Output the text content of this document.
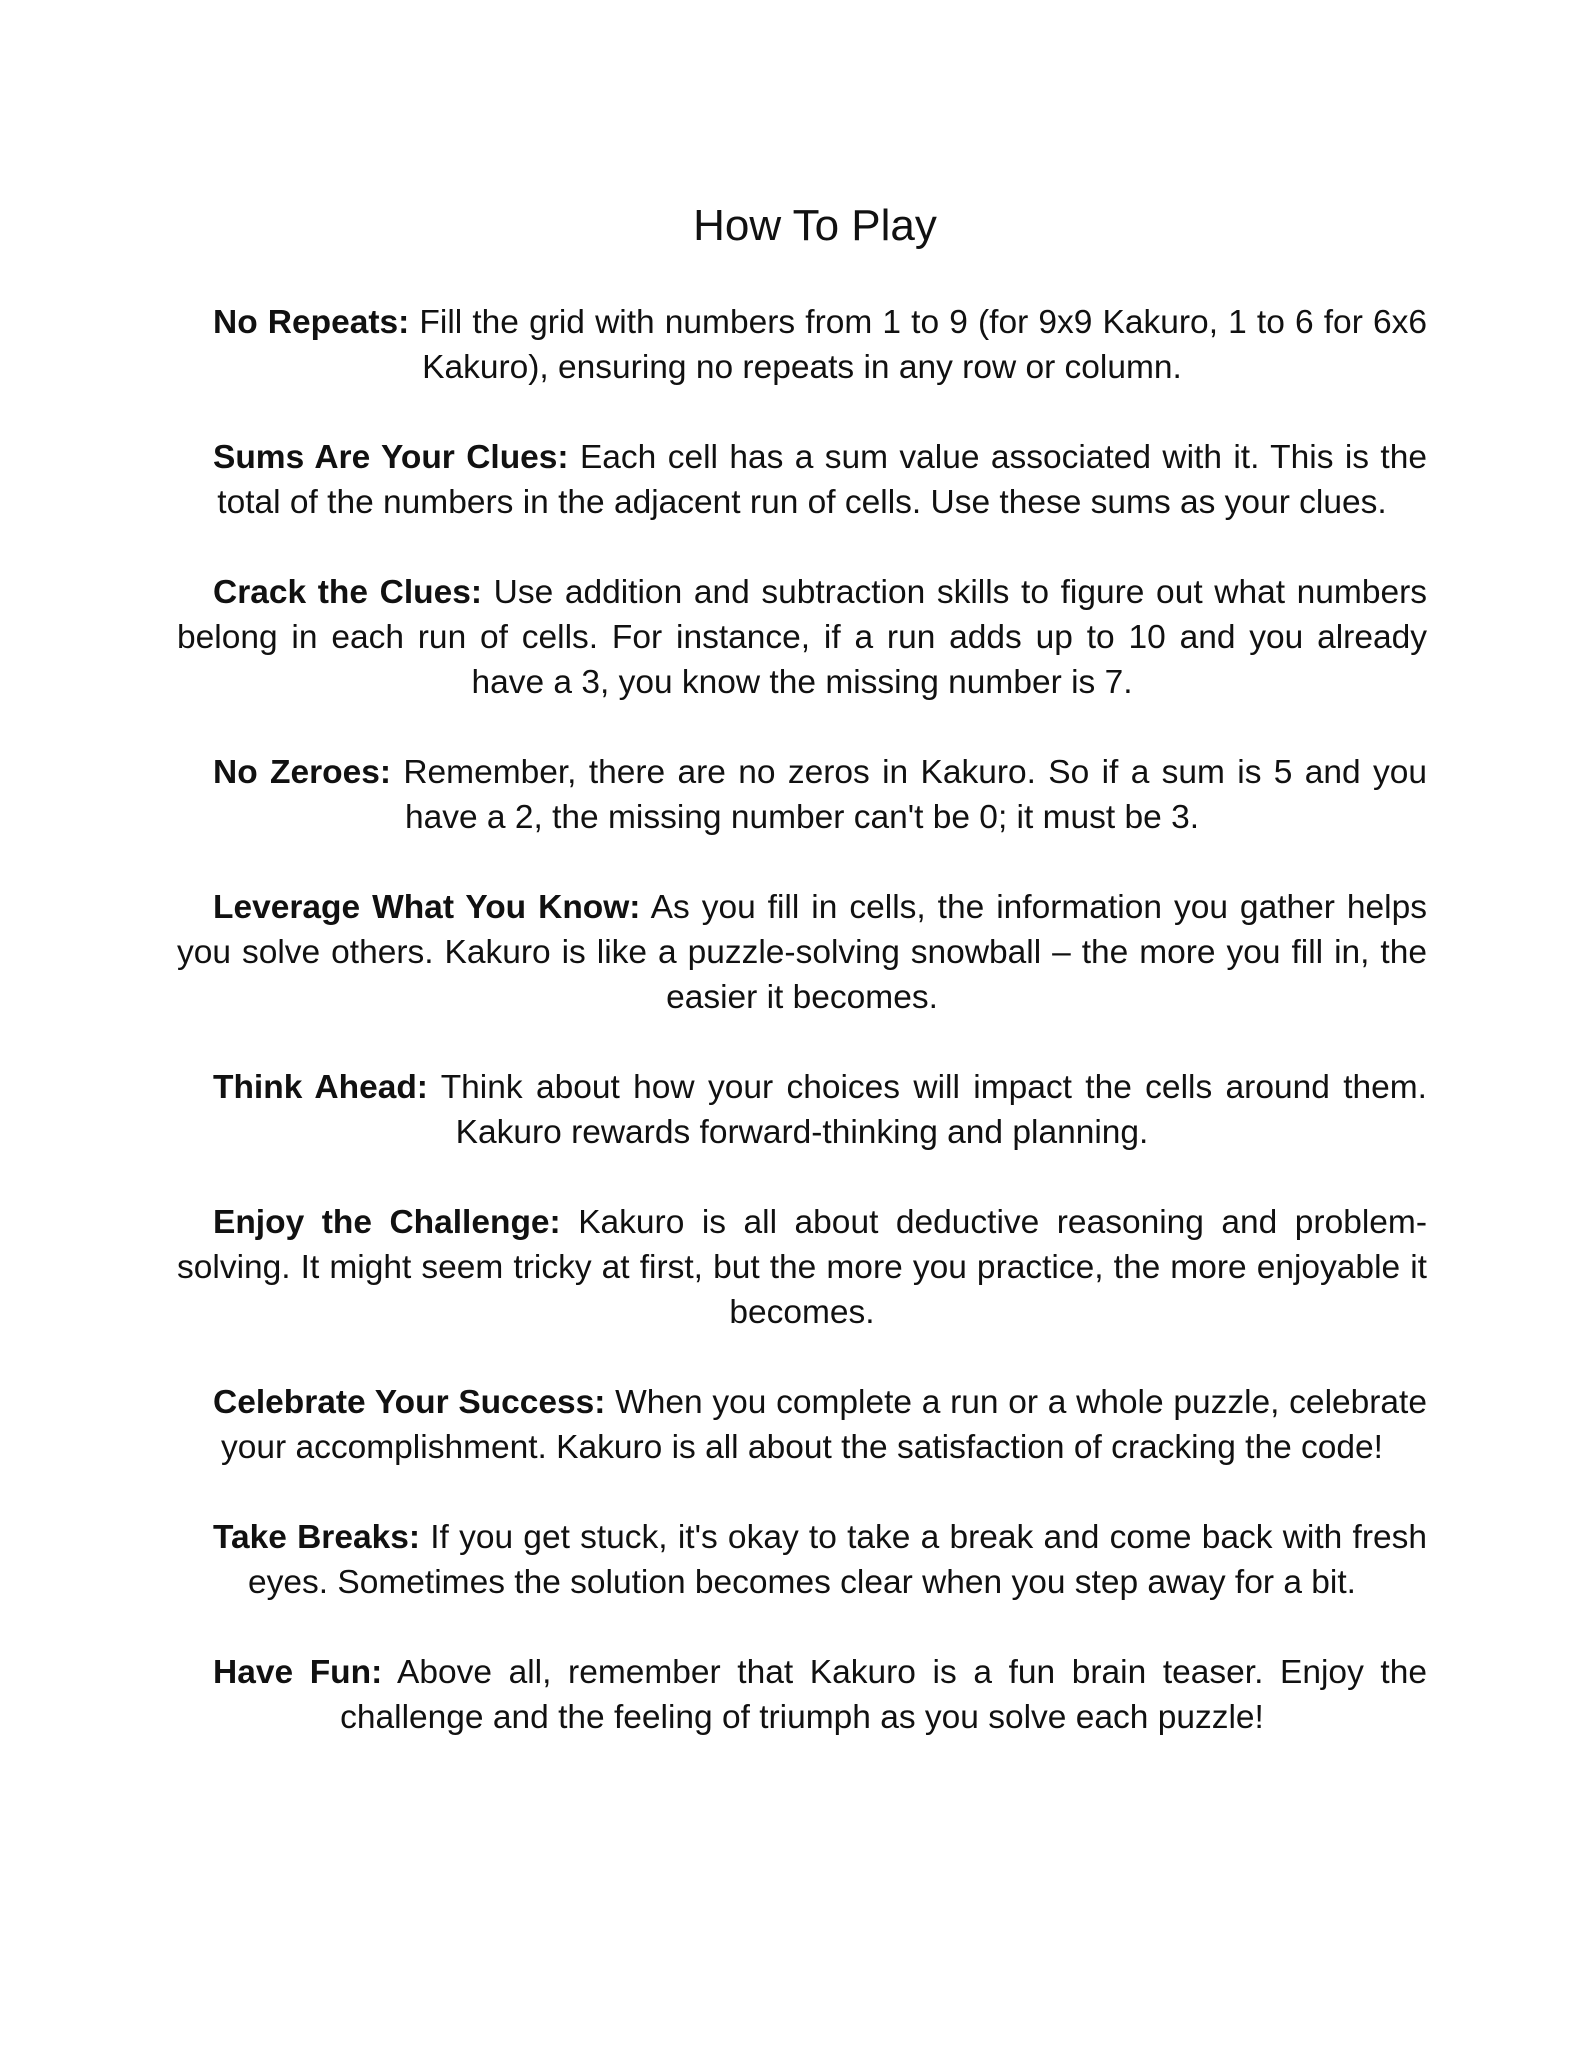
How To Play

No Repeats: Fill the grid with numbers from 1 to 9 (for 9x9 Kakuro, 1 to 6 for 6x6 Kakuro), ensuring no repeats in any row or column.

Sums Are Your Clues: Each cell has a sum value associated with it. This is the total of the numbers in the adjacent run of cells. Use these sums as your clues.

Crack the Clues: Use addition and subtraction skills to figure out what numbers belong in each run of cells. For instance, if a run adds up to 10 and you already have a 3, you know the missing number is 7.

No Zeroes: Remember, there are no zeros in Kakuro. So if a sum is 5 and you have a 2, the missing number can't be 0; it must be 3.

Leverage What You Know: As you fill in cells, the information you gather helps you solve others. Kakuro is like a puzzle-solving snowball – the more you fill in, the easier it becomes.

Think Ahead: Think about how your choices will impact the cells around them. Kakuro rewards forward-thinking and planning.

Enjoy the Challenge: Kakuro is all about deductive reasoning and problem-solving. It might seem tricky at first, but the more you practice, the more enjoyable it becomes.

Celebrate Your Success: When you complete a run or a whole puzzle, celebrate your accomplishment. Kakuro is all about the satisfaction of cracking the code!

Take Breaks: If you get stuck, it's okay to take a break and come back with fresh eyes. Sometimes the solution becomes clear when you step away for a bit.

Have Fun: Above all, remember that Kakuro is a fun brain teaser. Enjoy the challenge and the feeling of triumph as you solve each puzzle!
